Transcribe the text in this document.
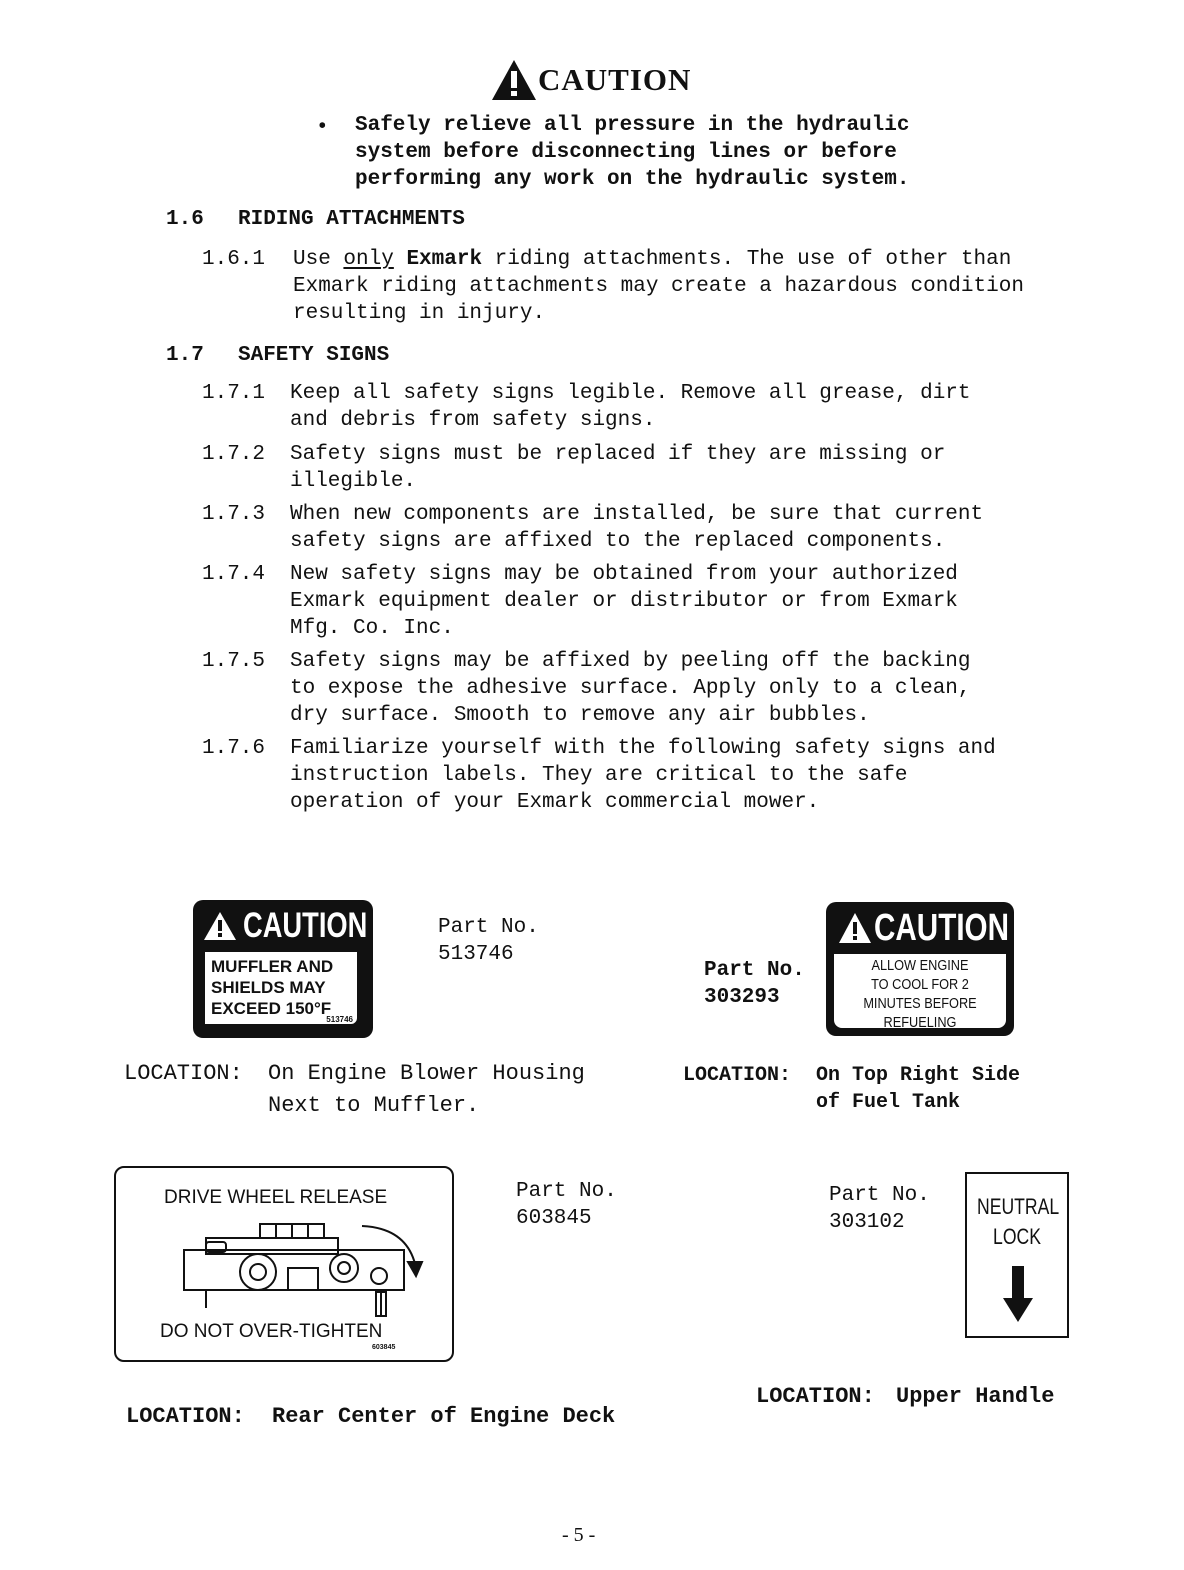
CAUTION
• Safely relieve all pressure in the hydraulic
system before disconnecting lines or before
performing any work on the hydraulic system.
1.6 RIDING ATTACHMENTS
1.6.1 Use only Exmark riding attachments. The use of other than
Exmark riding attachments may create a hazardous condition
resulting in injury.
1.7 SAFETY SIGNS
1.7.1 Keep all safety signs legible. Remove all grease, dirt
and debris from safety signs.
1.7.2 Safety signs must be replaced if they are missing or
illegible.
1.7.3 When new components are installed, be sure that current
safety signs are affixed to the replaced components.
1.7.4 New safety signs may be obtained from your authorized
Exmark equipment dealer or distributor or from Exmark
Mfg. Co. Inc.
1.7.5 Safety signs may be affixed by peeling off the backing
to expose the adhesive surface. Apply only to a clean,
dry surface. Smooth to remove any air bubbles.
1.7.6 Familiarize yourself with the following safety signs and
instruction labels. They are critical to the safe
operation of your Exmark commercial mower.
CAUTION
MUFFLER AND
SHIELDS MAY
EXCEED 150°F
513746
Part No.
513746
LOCATION: On Engine Blower Housing
Next to Muffler.
Part No.
303293
CAUTION
ALLOW ENGINE
TO COOL FOR 2
MINUTES BEFORE
REFUELING
LOCATION: On Top Right Side
of Fuel Tank
DRIVE WHEEL RELEASE
DO NOT OVER-TIGHTEN
603845
Part No.
603845
LOCATION: Rear Center of Engine Deck
Part No.
303102
NEUTRAL
LOCK
LOCATION: Upper Handle
- 5 -
